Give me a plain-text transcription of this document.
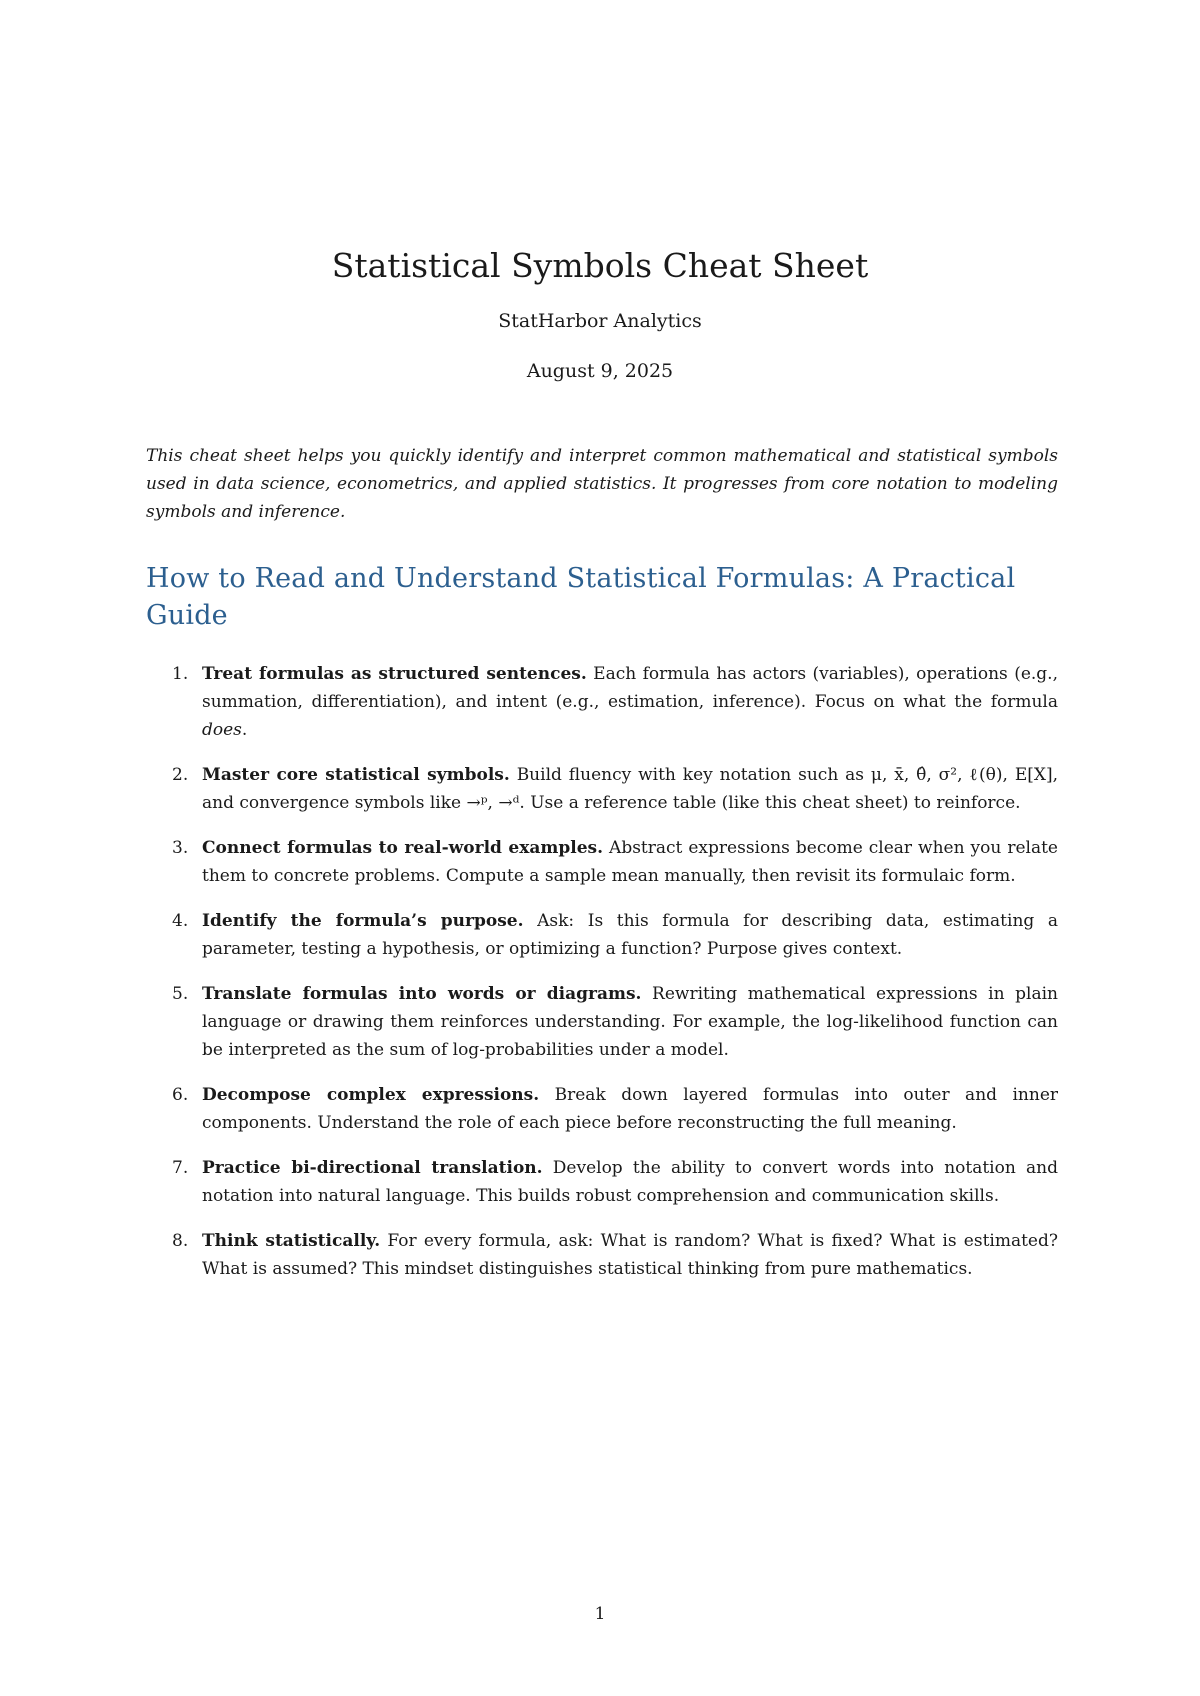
Statistical Symbols Cheat Sheet
StatHarbor Analytics
August 9, 2025

This cheat sheet helps you quickly identify and interpret common mathematical and statistical symbols used in data science, econometrics, and applied statistics. It progresses from core notation to modeling symbols and inference.

How to Read and Understand Statistical Formulas: A Practical Guide
1. Treat formulas as structured sentences. Each formula has actors (variables), operations (e.g., summation, differentiation), and intent (e.g., estimation, inference). Focus on what the formula does.
2. Master core statistical symbols. Build fluency with key notation such as μ, x̄, θ̂, σ², ℓ(θ), E[X], and convergence symbols like →ᵖ, →ᵈ. Use a reference table (like this cheat sheet) to reinforce.
3. Connect formulas to real-world examples. Abstract expressions become clear when you relate them to concrete problems. Compute a sample mean manually, then revisit its formulaic form.
4. Identify the formula’s purpose. Ask: Is this formula for describing data, estimating a parameter, testing a hypothesis, or optimizing a function? Purpose gives context.
5. Translate formulas into words or diagrams. Rewriting mathematical expressions in plain language or drawing them reinforces understanding. For example, the log-likelihood function can be interpreted as the sum of log-probabilities under a model.
6. Decompose complex expressions. Break down layered formulas into outer and inner components. Understand the role of each piece before reconstructing the full meaning.
7. Practice bi-directional translation. Develop the ability to convert words into notation and notation into natural language. This builds robust comprehension and communication skills.
8. Think statistically. For every formula, ask: What is random? What is fixed? What is estimated? What is assumed? This mindset distinguishes statistical thinking from pure mathematics.
1
